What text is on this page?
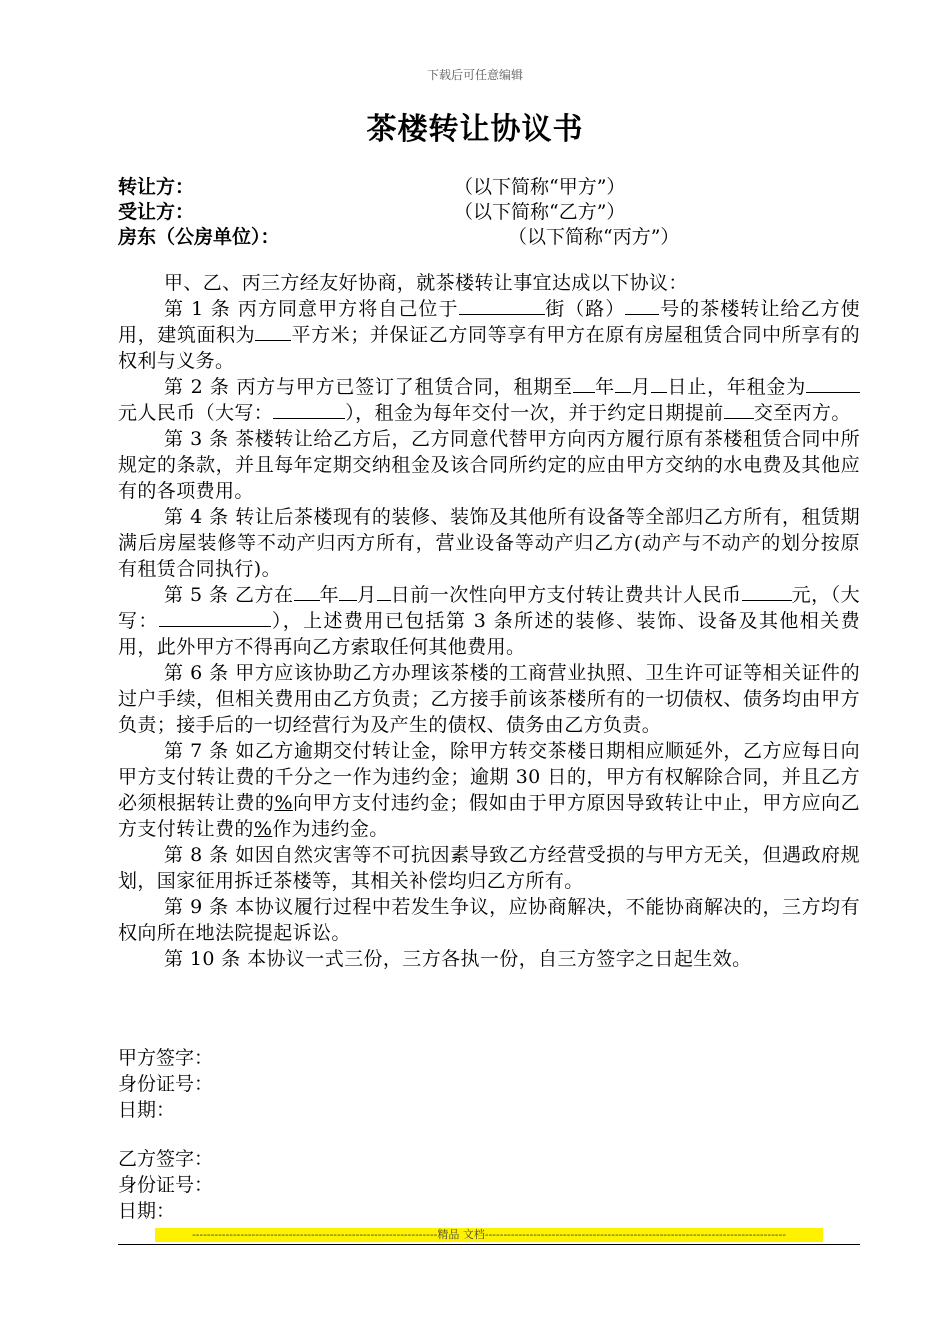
下载后可任意编辑
茶楼转让协议书
转让方：	（以下简称“甲方”）
受让方：	（以下简称“乙方”）
房东（公房单位）：	（以下简称“丙方”）

甲、乙、丙三方经友好协商，就茶楼转让事宜达成以下协议：

第 1 条 丙方同意甲方将自己位于	街（路） 号的茶楼转让给乙方使用，建筑面积为 平方米；并保证乙方同等享有甲方在原有房屋租赁合同中所享有的权利与义务。

第 2 条 丙方与甲方已签订了租赁合同，租期至 年 月 日止，年租金为元人民币（大写：	），租金为每年交付一次，并于约定日期提前 交至丙方。

第 3 条 茶楼转让给乙方后，乙方同意代替甲方向丙方履行原有茶楼租赁合同中所规定的条款，并且每年定期交纳租金及该合同所约定的应由甲方交纳的水电费及其他应有的各项费用。

第 4 条 转让后茶楼现有的装修、装饰及其他所有设备等全部归乙方所有，租赁期满后房屋装修等不动产归丙方所有，营业设备等动产归乙方(动产与不动产的划分按原有租赁合同执行)。

第 5 条 乙方在 年 月 日前一次性向甲方支付转让费共计人民币	元，（大写：	），上述费用已包括第 3 条所述的装修、装饰、设备及其他相关费用，此外甲方不得再向乙方索取任何其他费用。

第 6 条 甲方应该协助乙方办理该茶楼的工商营业执照、卫生许可证等相关证件的过户手续，但相关费用由乙方负责；乙方接手前该茶楼所有的一切债权、债务均由甲方负责；接手后的一切经营行为及产生的债权、债务由乙方负责。

第 7 条 如乙方逾期交付转让金，除甲方转交茶楼日期相应顺延外，乙方应每日向甲方支付转让费的千分之一作为违约金；逾期 30 日的，甲方有权解除合同，并且乙方必须根据转让费的%向甲方支付违约金；假如由于甲方原因导致转让中止，甲方应向乙方支付转让费的%作为违约金。

第 8 条 如因自然灾害等不可抗因素导致乙方经营受损的与甲方无关，但遇政府规划，国家征用拆迁茶楼等，其相关补偿均归乙方所有。

第 9 条 本协议履行过程中若发生争议，应协商解决，不能协商解决的，三方均有权向所在地法院提起诉讼。

第 10 条 本协议一式三份，三方各执一份，自三方签字之日起生效。

甲方签字：
身份证号：
日期：
乙方签字：
身份证号：
日期：
------------------------------------------------------------------精品 文档---------------------------------------------------------------------------------
